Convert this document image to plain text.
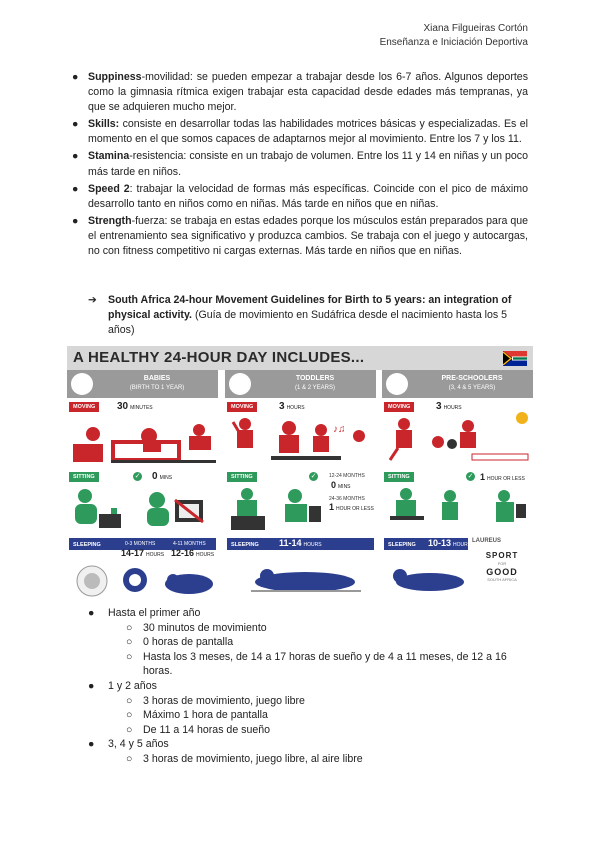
Xiana Filgueiras Cortón
Enseñanza e Iniciación Deportiva
● Suppiness-movilidad: se pueden empezar a trabajar desde los 6-7 años. Algunos deportes como la gimnasia rítmica exigen trabajar esta capacidad desde edades más tempranas, ya que se adquieren mucho mejor.
● Skills: consiste en desarrollar todas las habilidades motrices básicas y especializadas. Es el momento en el que somos capaces de adaptarnos mejor al movimiento. Entre los 7 y los 11.
● Stamina-resistencia: consiste en un trabajo de volumen. Entre los 11 y 14 en niñas y un poco más tarde en niños.
● Speed 2: trabajar la velocidad de formas más específicas. Coincide con el pico de máximo desarrollo tanto en niños como en niñas. Más tarde en niños que en niñas.
● Strength-fuerza: se trabaja en estas edades porque los músculos están preparados para que el entrenamiento sea significativo y produzca cambios. Se trabaja con el juego y autocargas, no con fitness competitivo ni cargas externas. Más tarde en niños que en niñas.
➔	South Africa 24-hour Movement Guidelines for Birth to 5 years: an integration of physical activity. (Guía de movimiento en Sudáfrica desde el nacimiento hasta los 5 años)
A HEALTHY 24-HOUR DAY INCLUDES...
BABIES
(BIRTH TO 1 YEAR)
MOVING	30 MINUTES
SITTING	✓ 0 MINS
SLEEPING	0-3 MONTHS	4-11 MONTHS
14-17 HOURS 12-16 HOURS
TODDLERS
(1 & 2 YEARS)
MOVING	3 HOURS
♪♫
SITTING	✓	12-24 MONTHS
0 MINS
24-36 MONTHS
1 HOUR OR LESS
SLEEPING	11-14 HOURS
PRE-SCHOOLERS
(3, 4 & 5 YEARS)
MOVING	3 HOURS
SITTING	✓ 1 HOUR OR LESS
SLEEPING	10-13 HOURS
LAUREUS
SPORT
FOR
GOOD
SOUTH AFRICA
● Hasta el primer año
○ 30 minutos de movimiento
○ 0 horas de pantalla
○ Hasta los 3 meses, de 14 a 17 horas de sueño y de 4 a 11 meses, de 12 a 16 horas.
● 1 y 2 años
○ 3 horas de movimiento, juego libre
○ Máximo 1 hora de pantalla
○ De 11 a 14 horas de sueño
● 3, 4 y 5 años
○ 3 horas de movimiento, juego libre, al aire libre
